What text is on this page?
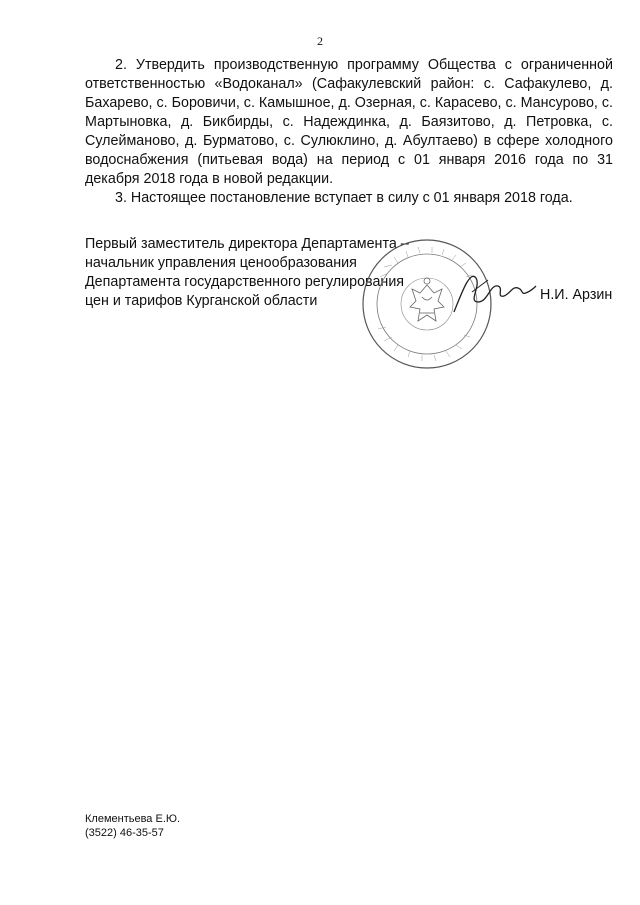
2

2. Утвердить производственную программу Общества с ограниченной ответственностью «Водоканал» (Сафакулевский район: с. Сафакулево, д. Бахарево, с. Боровичи, с. Камышное, д. Озерная, с. Карасево, с. Мансурово, с. Мартыновка, д. Бикбирды, с. Надеждинка, д. Баязитово, д. Петровка, с. Сулейманово, д. Бурматово, с. Сулюклино, д. Абултаево) в сфере холодного водоснабжения (питьевая вода) на период с 01 января 2016 года по 31 декабря 2018 года в новой редакции.

3. Настоящее постановление вступает в силу с 01 января 2018 года.

Первый заместитель директора Департамента –
начальник управления ценообразования
Департамента государственного регулирования
цен и тарифов Курганской области	Н.И. Арзин
Клементьева Е.Ю.
(3522) 46-35-57
